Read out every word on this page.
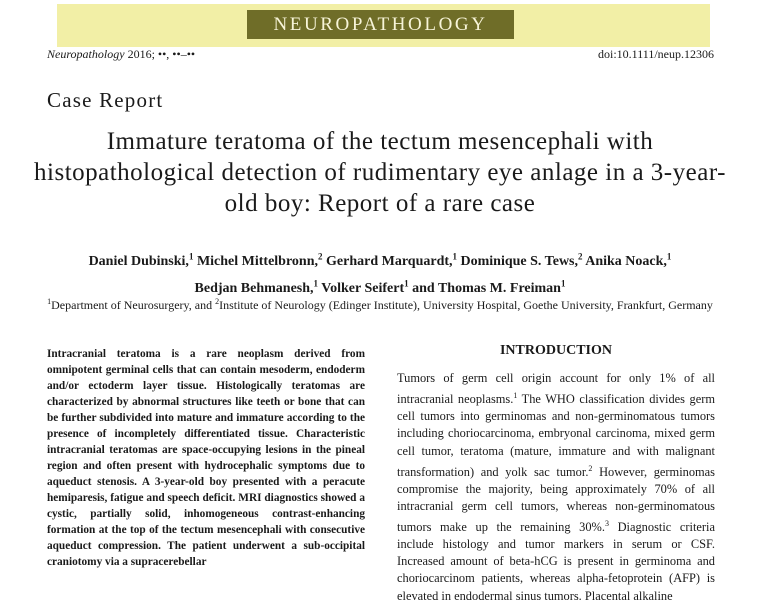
NEUROPATHOLOGY
Neuropathology 2016; ••, ••–••	doi:10.1111/neup.12306
Case Report
Immature teratoma of the tectum mesencephali with histopathological detection of rudimentary eye anlage in a 3-year-old boy: Report of a rare case
Daniel Dubinski,$^1$ Michel Mittelbronn,$^2$ Gerhard Marquardt,$^1$ Dominique S. Tews,$^2$ Anika Noack,$^1$
Bedjan Behmanesh,$^1$ Volker Seifert$^1$ and Thomas M. Freiman$^1$
$^1$Department of Neurosurgery, and $^2$Institute of Neurology (Edinger Institute), University Hospital, Goethe University, Frankfurt, Germany

Intracranial teratoma is a rare neoplasm derived from omnipotent germinal cells that can contain mesoderm, endoderm and/or ectoderm layer tissue. Histologically teratomas are characterized by abnormal structures like teeth or bone that can be further subdivided into mature and immature according to the presence of incompletely differentiated tissue. Characteristic intracranial teratomas are space-occupying lesions in the pineal region and often present with hydrocephalic symptoms due to aqueduct stenosis. A 3-year-old boy presented with a peracute hemiparesis, fatigue and speech deficit. MRI diagnostics showed a cystic, partially solid, inhomogeneous contrast-enhancing formation at the top of the tectum mesencephali with consecutive aqueduct compression. The patient underwent a sub-occipital craniotomy via a supracerebellar

INTRODUCTION

Tumors of germ cell origin account for only 1% of all intracranial neoplasms.$^1$ The WHO classification divides germ cell tumors into germinomas and non-germinomatous tumors including choriocarcinoma, embryonal carcinoma, mixed germ cell tumor, teratoma (mature, immature and with malignant transformation) and yolk sac tumor.$^2$ However, germinomas compromise the majority, being approximately 70% of all intracranial germ cell tumors, whereas non-germinomatous tumors make up the remaining 30%.$^3$ Diagnostic criteria include histology and tumor markers in serum or CSF. Increased amount of beta-hCG is present in germinoma and choriocarcinom patients, whereas alpha-fetoprotein (AFP) is elevated in endodermal sinus tumors. Placental alkaline
